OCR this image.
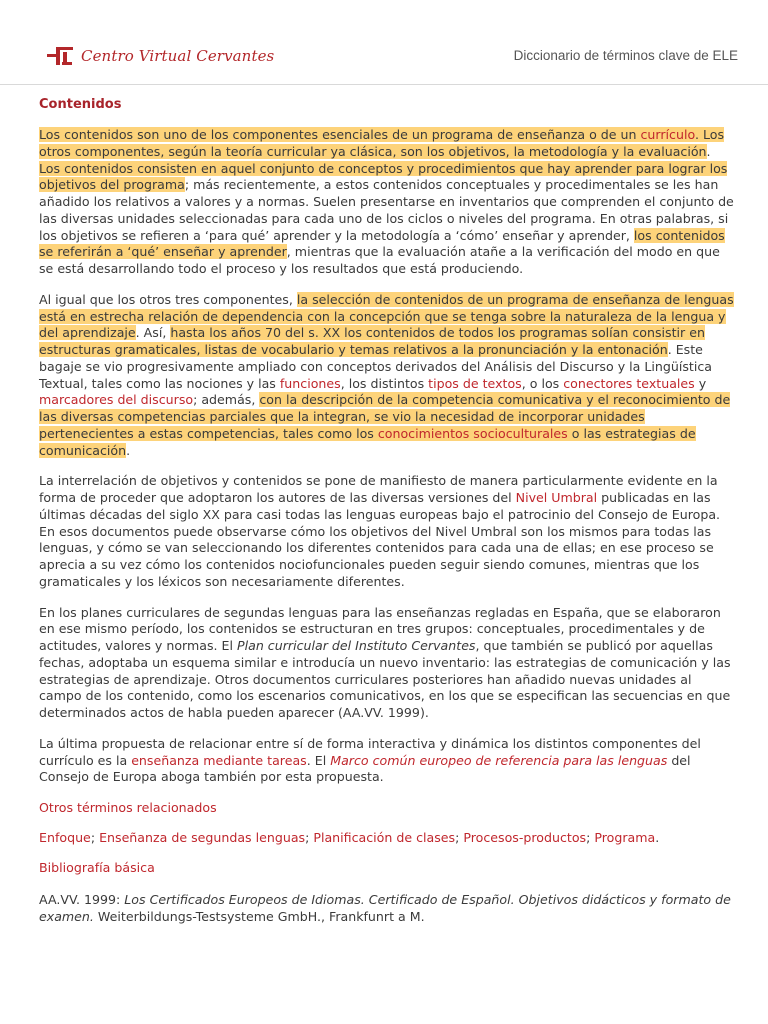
Centro Virtual Cervantes	Diccionario de términos clave de ELE
Contenidos

Los contenidos son uno de los componentes esenciales de un programa de enseñanza o de un currículo. Los otros componentes, según la teoría curricular ya clásica, son los objetivos, la metodología y la evaluación. Los contenidos consisten en aquel conjunto de conceptos y procedimientos que hay aprender para lograr los objetivos del programa; más recientemente, a estos contenidos conceptuales y procedimentales se les han añadido los relativos a valores y a normas. Suelen presentarse en inventarios que comprenden el conjunto de las diversas unidades seleccionadas para cada uno de los ciclos o niveles del programa. En otras palabras, si los objetivos se refieren a ‘para qué’ aprender y la metodología a ‘cómo’ enseñar y aprender, los contenidos se referirán a ‘qué’ enseñar y aprender, mientras que la evaluación atañe a la verificación del modo en que se está desarrollando todo el proceso y los resultados que está produciendo.

Al igual que los otros tres componentes, la selección de contenidos de un programa de enseñanza de lenguas está en estrecha relación de dependencia con la concepción que se tenga sobre la naturaleza de la lengua y del aprendizaje. Así, hasta los años 70 del s. XX los contenidos de todos los programas solían consistir en estructuras gramaticales, listas de vocabulario y temas relativos a la pronunciación y la entonación. Este bagaje se vio progresivamente ampliado con conceptos derivados del Análisis del Discurso y la Lingüística Textual, tales como las nociones y las funciones, los distintos tipos de textos, o los conectores textuales y marcadores del discurso; además, con la descripción de la competencia comunicativa y el reconocimiento de las diversas competencias parciales que la integran, se vio la necesidad de incorporar unidades pertenecientes a estas competencias, tales como los conocimientos socioculturales o las estrategias de comunicación.

La interrelación de objetivos y contenidos se pone de manifiesto de manera particularmente evidente en la forma de proceder que adoptaron los autores de las diversas versiones del Nivel Umbral publicadas en las últimas décadas del siglo XX para casi todas las lenguas europeas bajo el patrocinio del Consejo de Europa. En esos documentos puede observarse cómo los objetivos del Nivel Umbral son los mismos para todas las lenguas, y cómo se van seleccionando los diferentes contenidos para cada una de ellas; en ese proceso se aprecia a su vez cómo los contenidos nociofuncionales pueden seguir siendo comunes, mientras que los gramaticales y los léxicos son necesariamente diferentes.

En los planes curriculares de segundas lenguas para las enseñanzas regladas en España, que se elaboraron en ese mismo período, los contenidos se estructuran en tres grupos: conceptuales, procedimentales y de actitudes, valores y normas. El Plan curricular del Instituto Cervantes, que también se publicó por aquellas fechas, adoptaba un esquema similar e introducía un nuevo inventario: las estrategias de comunicación y las estrategias de aprendizaje. Otros documentos curriculares posteriores han añadido nuevas unidades al campo de los contenido, como los escenarios comunicativos, en los que se especifican las secuencias en que determinados actos de habla pueden aparecer (AA.VV. 1999).

La última propuesta de relacionar entre sí de forma interactiva y dinámica los distintos componentes del currículo es la enseñanza mediante tareas. El Marco común europeo de referencia para las lenguas del Consejo de Europa aboga también por esta propuesta.

Otros términos relacionados
Enfoque; Enseñanza de segundas lenguas; Planificación de clases; Procesos-productos; Programa.
Bibliografía básica

AA.VV. 1999: Los Certificados Europeos de Idiomas. Certificado de Español. Objetivos didácticos y formato de examen. Weiterbildungs-Testsysteme GmbH., Frankfunrt a M.
